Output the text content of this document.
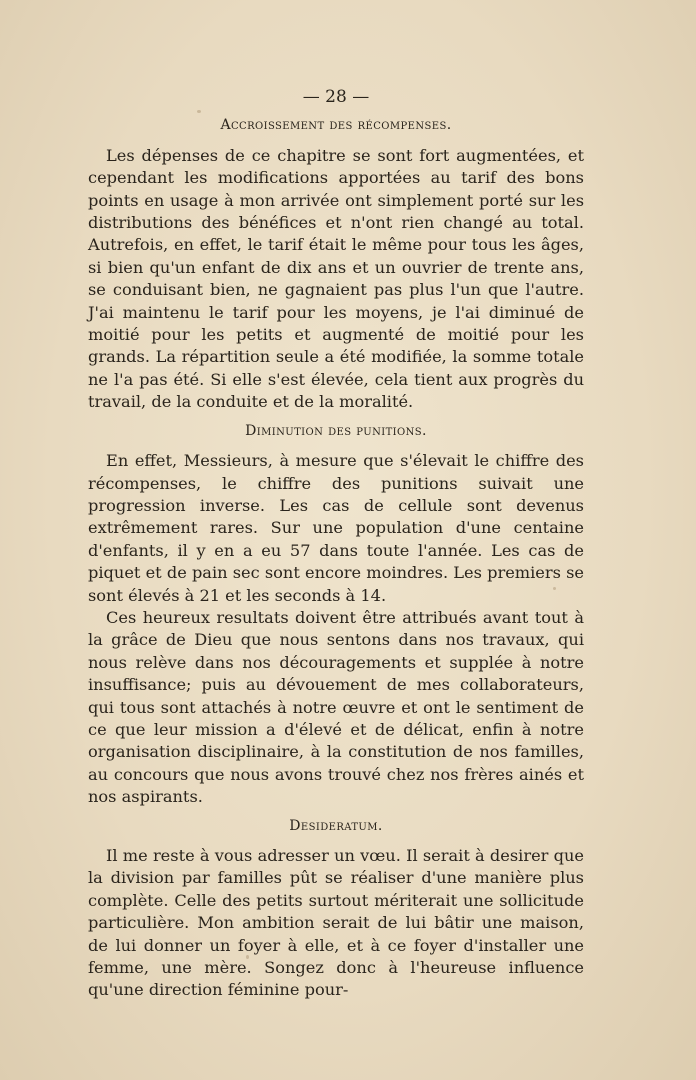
— 28 —
Accroissement des récompenses.

Les dépenses de ce chapitre se sont fort augmentées, et cependant les modifications apportées au tarif des bons points en usage à mon arrivée ont simplement porté sur les distributions des bénéfices et n'ont rien changé au total. Autrefois, en effet, le tarif était le même pour tous les âges, si bien qu'un enfant de dix ans et un ouvrier de trente ans, se conduisant bien, ne gagnaient pas plus l'un que l'autre. J'ai maintenu le tarif pour les moyens, je l'ai diminué de moitié pour les petits et augmenté de moitié pour les grands. La répartition seule a été modifiée, la somme totale ne l'a pas été. Si elle s'est élevée, cela tient aux progrès du travail, de la conduite et de la moralité.

Diminution des punitions.

En effet, Messieurs, à mesure que s'élevait le chiffre des récompenses, le chiffre des punitions suivait une progression inverse. Les cas de cellule sont devenus extrêmement rares. Sur une population d'une centaine d'enfants, il y en a eu 57 dans toute l'année. Les cas de piquet et de pain sec sont encore moindres. Les premiers se sont élevés à 21 et les seconds à 14.

Ces heureux resultats doivent être attribués avant tout à la grâce de Dieu que nous sentons dans nos travaux, qui nous relève dans nos découragements et supplée à notre insuffisance; puis au dévouement de mes collaborateurs, qui tous sont attachés à notre œuvre et ont le sentiment de ce que leur mission a d'élevé et de délicat, enfin à notre organisation disciplinaire, à la constitution de nos familles, au concours que nous avons trouvé chez nos frères ainés et nos aspirants.

Desideratum.

Il me reste à vous adresser un vœu. Il serait à desirer que la division par familles pût se réaliser d'une manière plus complète. Celle des petits surtout mériterait une sollicitude particulière. Mon ambition serait de lui bâtir une maison, de lui donner un foyer à elle, et à ce foyer d'installer une femme, une mère. Songez donc à l'heureuse influence qu'une direction féminine pour-
